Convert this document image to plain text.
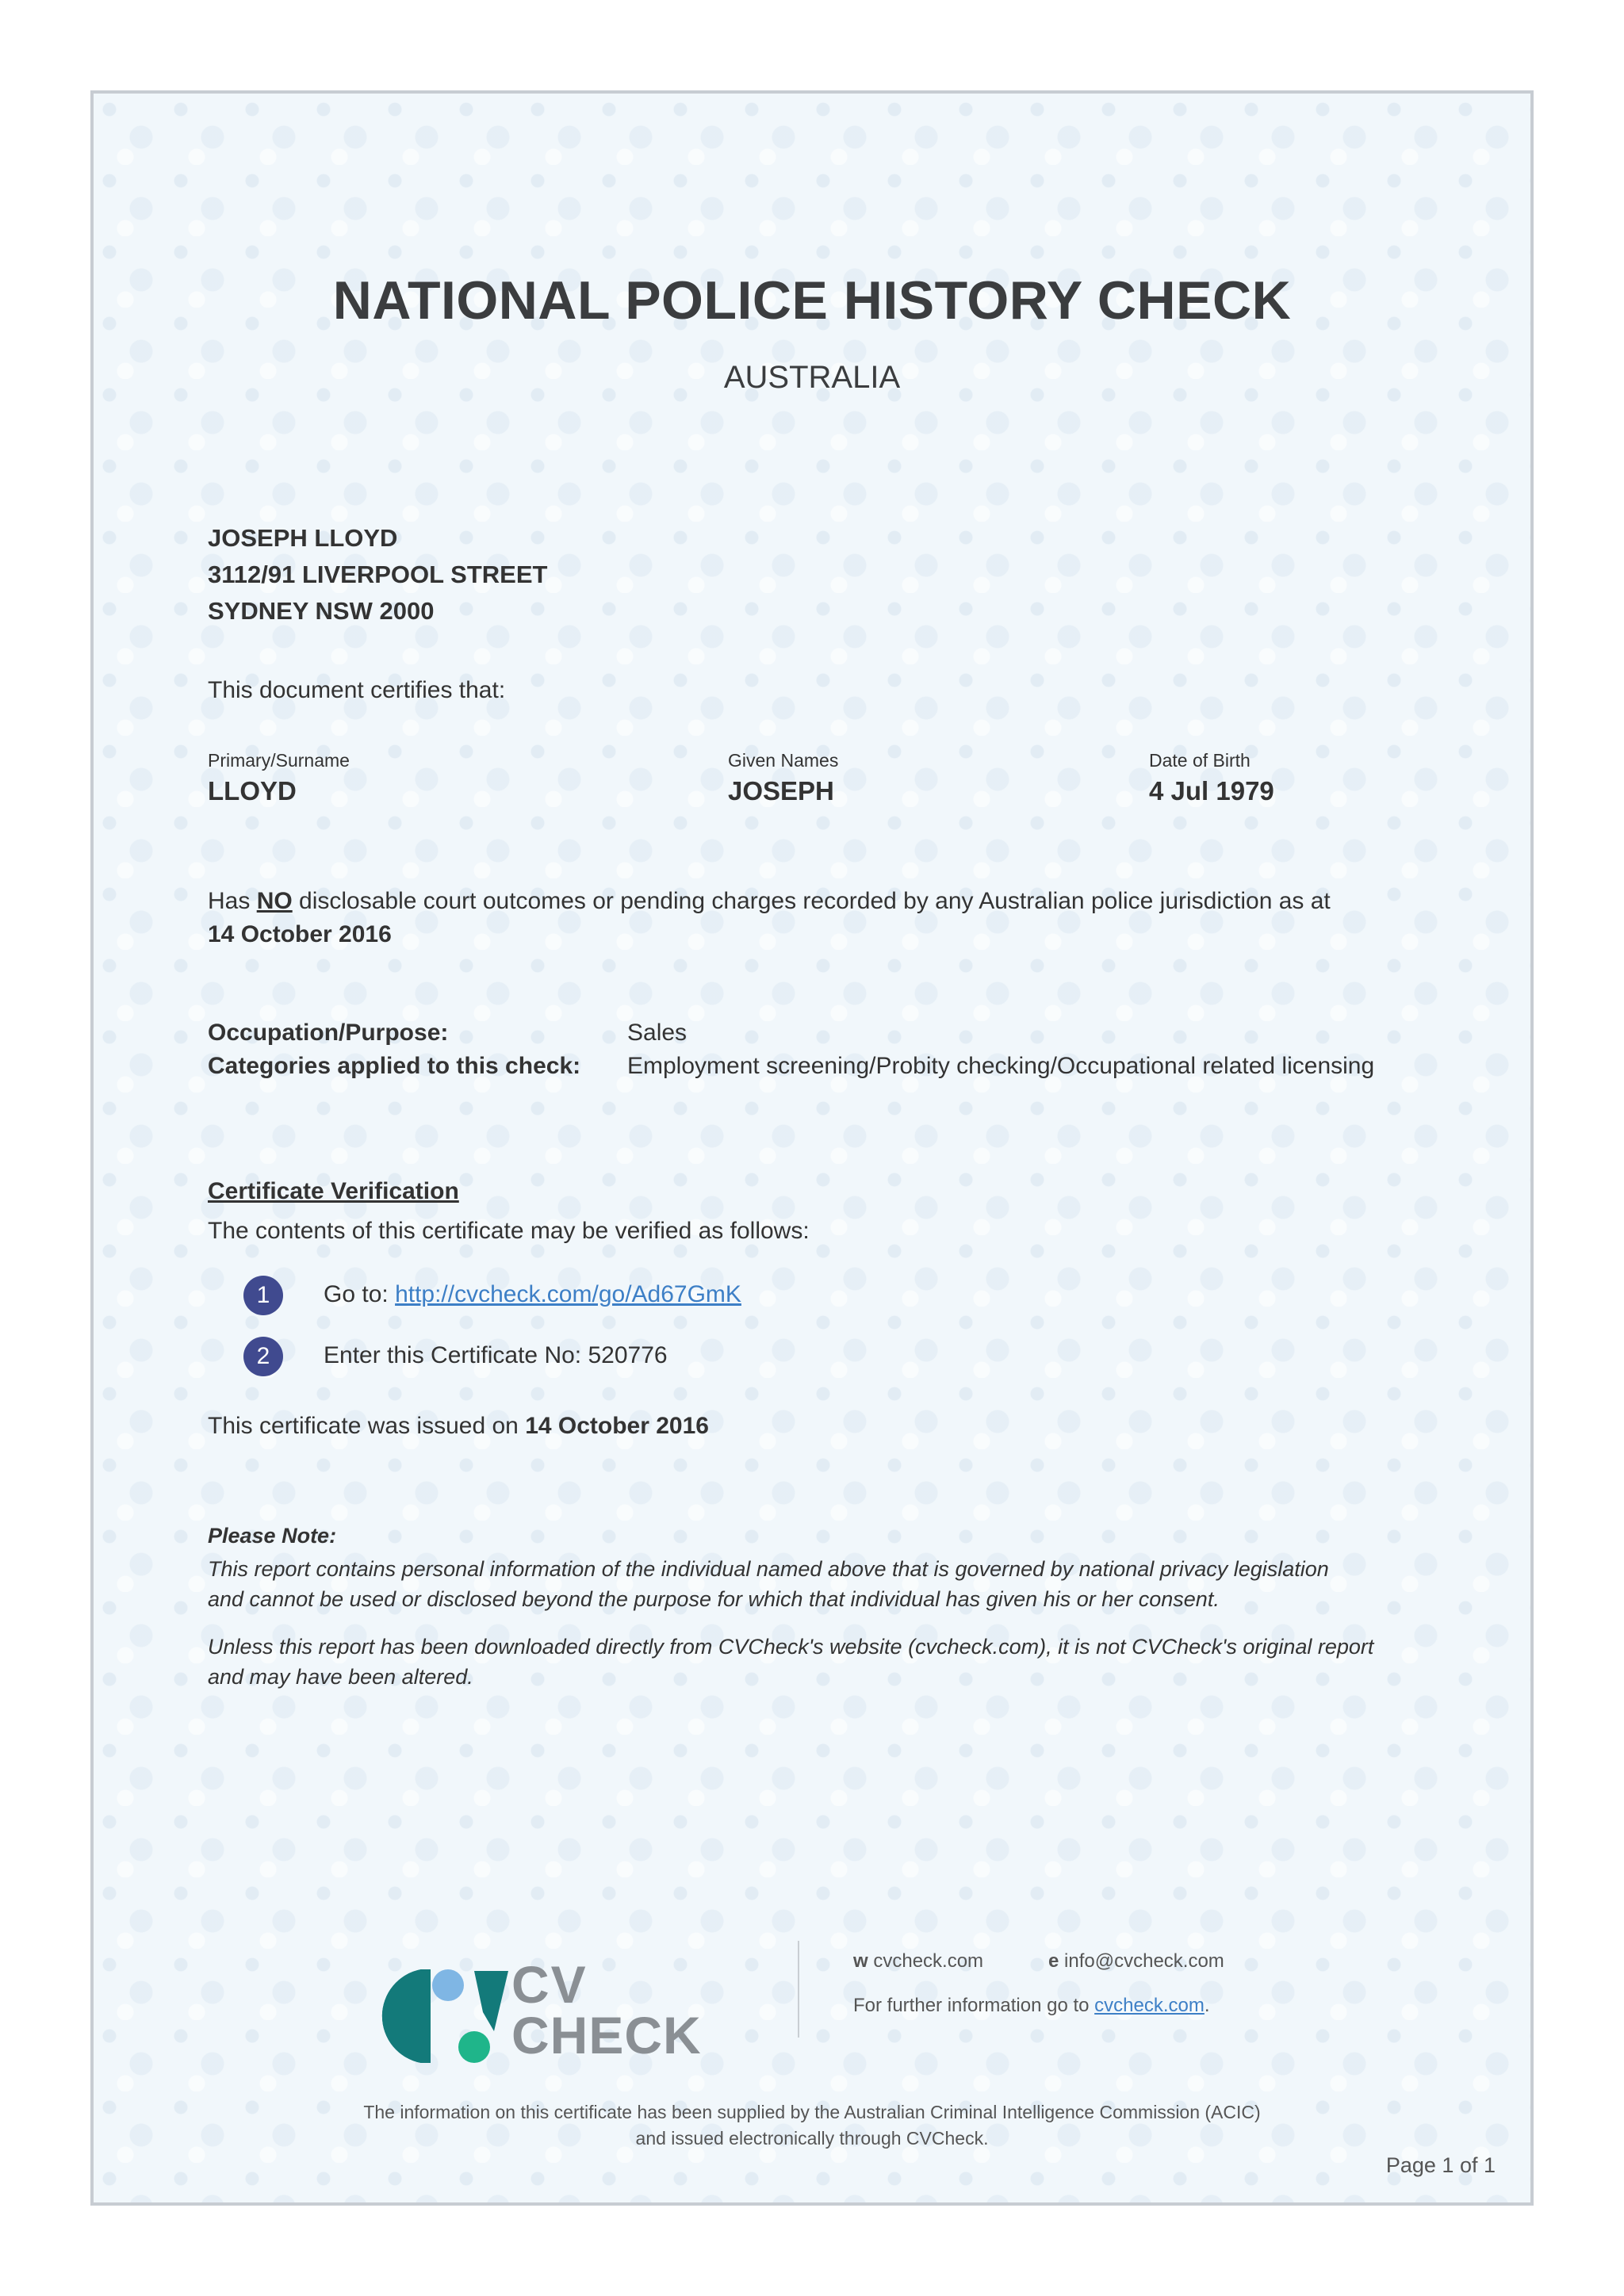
NATIONAL POLICE HISTORY CHECK
AUSTRALIA
JOSEPH LLOYD
3112/91 LIVERPOOL STREET
SYDNEY NSW 2000
This document certifies that:
Primary/Surname
LLOYD
Given Names
JOSEPH
Date of Birth
4 Jul 1979
Has NO disclosable court outcomes or pending charges recorded by any Australian police jurisdiction as at
14 October 2016
Occupation/Purpose:	Sales
Categories applied to this check: Employment screening/Probity checking/Occupational related licensing
Certificate Verification
The contents of this certificate may be verified as follows:
1	Go to: http://cvcheck.com/go/Ad67GmK
2	Enter this Certificate No: 520776
This certificate was issued on 14 October 2016
Please Note:
This report contains personal information of the individual named above that is governed by national privacy legislation
and cannot be used or disclosed beyond the purpose for which that individual has given his or her consent.
Unless this report has been downloaded directly from CVCheck's website (cvcheck.com), it is not CVCheck's original report
and may have been altered.
CV
CHECK
w cvcheck.com	e info@cvcheck.com
For further information go to cvcheck.com.
The information on this certificate has been supplied by the Australian Criminal Intelligence Commission (ACIC)
and issued electronically through CVCheck.
Page 1 of 1
